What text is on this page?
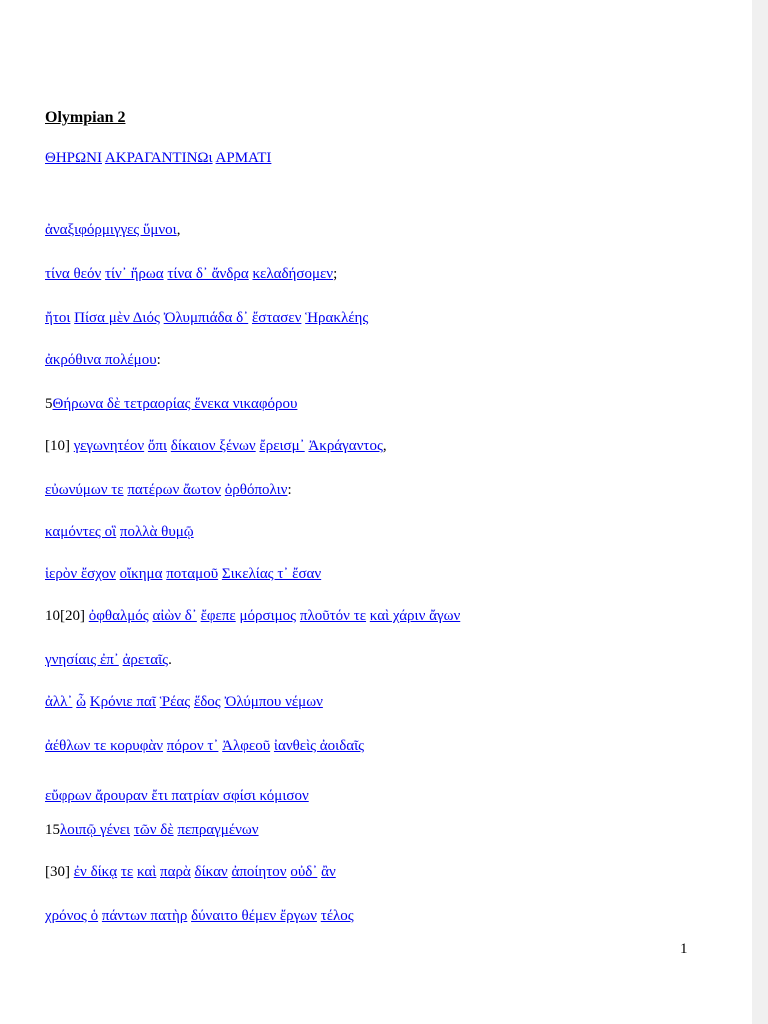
Olympian 2
ΘΗΡΩΝΙ ΑΚΡΑΓΑΝΤΙΝΩι ΑΡΜΑΤΙ
ἀναξιφόρμιγγες ὕμνοι,
τίνα θεόν τίν᾽ ἥρωα τίνα δ᾽ ἄνδρα κελαδήσομεν;
ἤτοι Πίσα μὲν Διός Ὀλυμπιάδα δ᾽ ἔστασεν Ἡρακλέης
ἀκρόθινα πολέμου:
5Θήρωνα δὲ τετραορίας ἕνεκα νικαφόρου
[10] γεγωνητέον ὄπι δίκαιον ξένων ἔρεισμ᾽ Ἀκράγαντος,
εὐωνύμων τε πατέρων ἄωτον ὀρθόπολιν:
καμόντες οἳ πολλὰ θυμῷ
ἱερὸν ἔσχον οἴκημα ποταμοῦ Σικελίας τ᾽ ἔσαν
10[20] ὀφθαλμός αἰὼν δ᾽ ἔφεπε μόρσιμος πλοῦτόν τε καὶ χάριν ἄγων
γνησίαις ἐπ᾽ ἀρεταῖς.
ἀλλ᾽ ὦ Κρόνιε παῖ Ῥέας ἕδος Ὀλύμπου νέμων
ἀέθλων τε κορυφὰν πόρον τ᾽ Ἀλφεοῦ ἰανθεὶς ἀοιδαῖς
εὔφρων ἄρουραν ἔτι πατρίαν σφίσι κόμισον
15λοιπῷ γένει τῶν δὲ πεπραγμένων
[30] ἐν δίκᾳ τε καὶ παρὰ δίκαν ἀποίητον οὐδ᾽ ἂν
χρόνος ὁ πάντων πατὴρ δύναιτο θέμεν ἔργων τέλος
1
